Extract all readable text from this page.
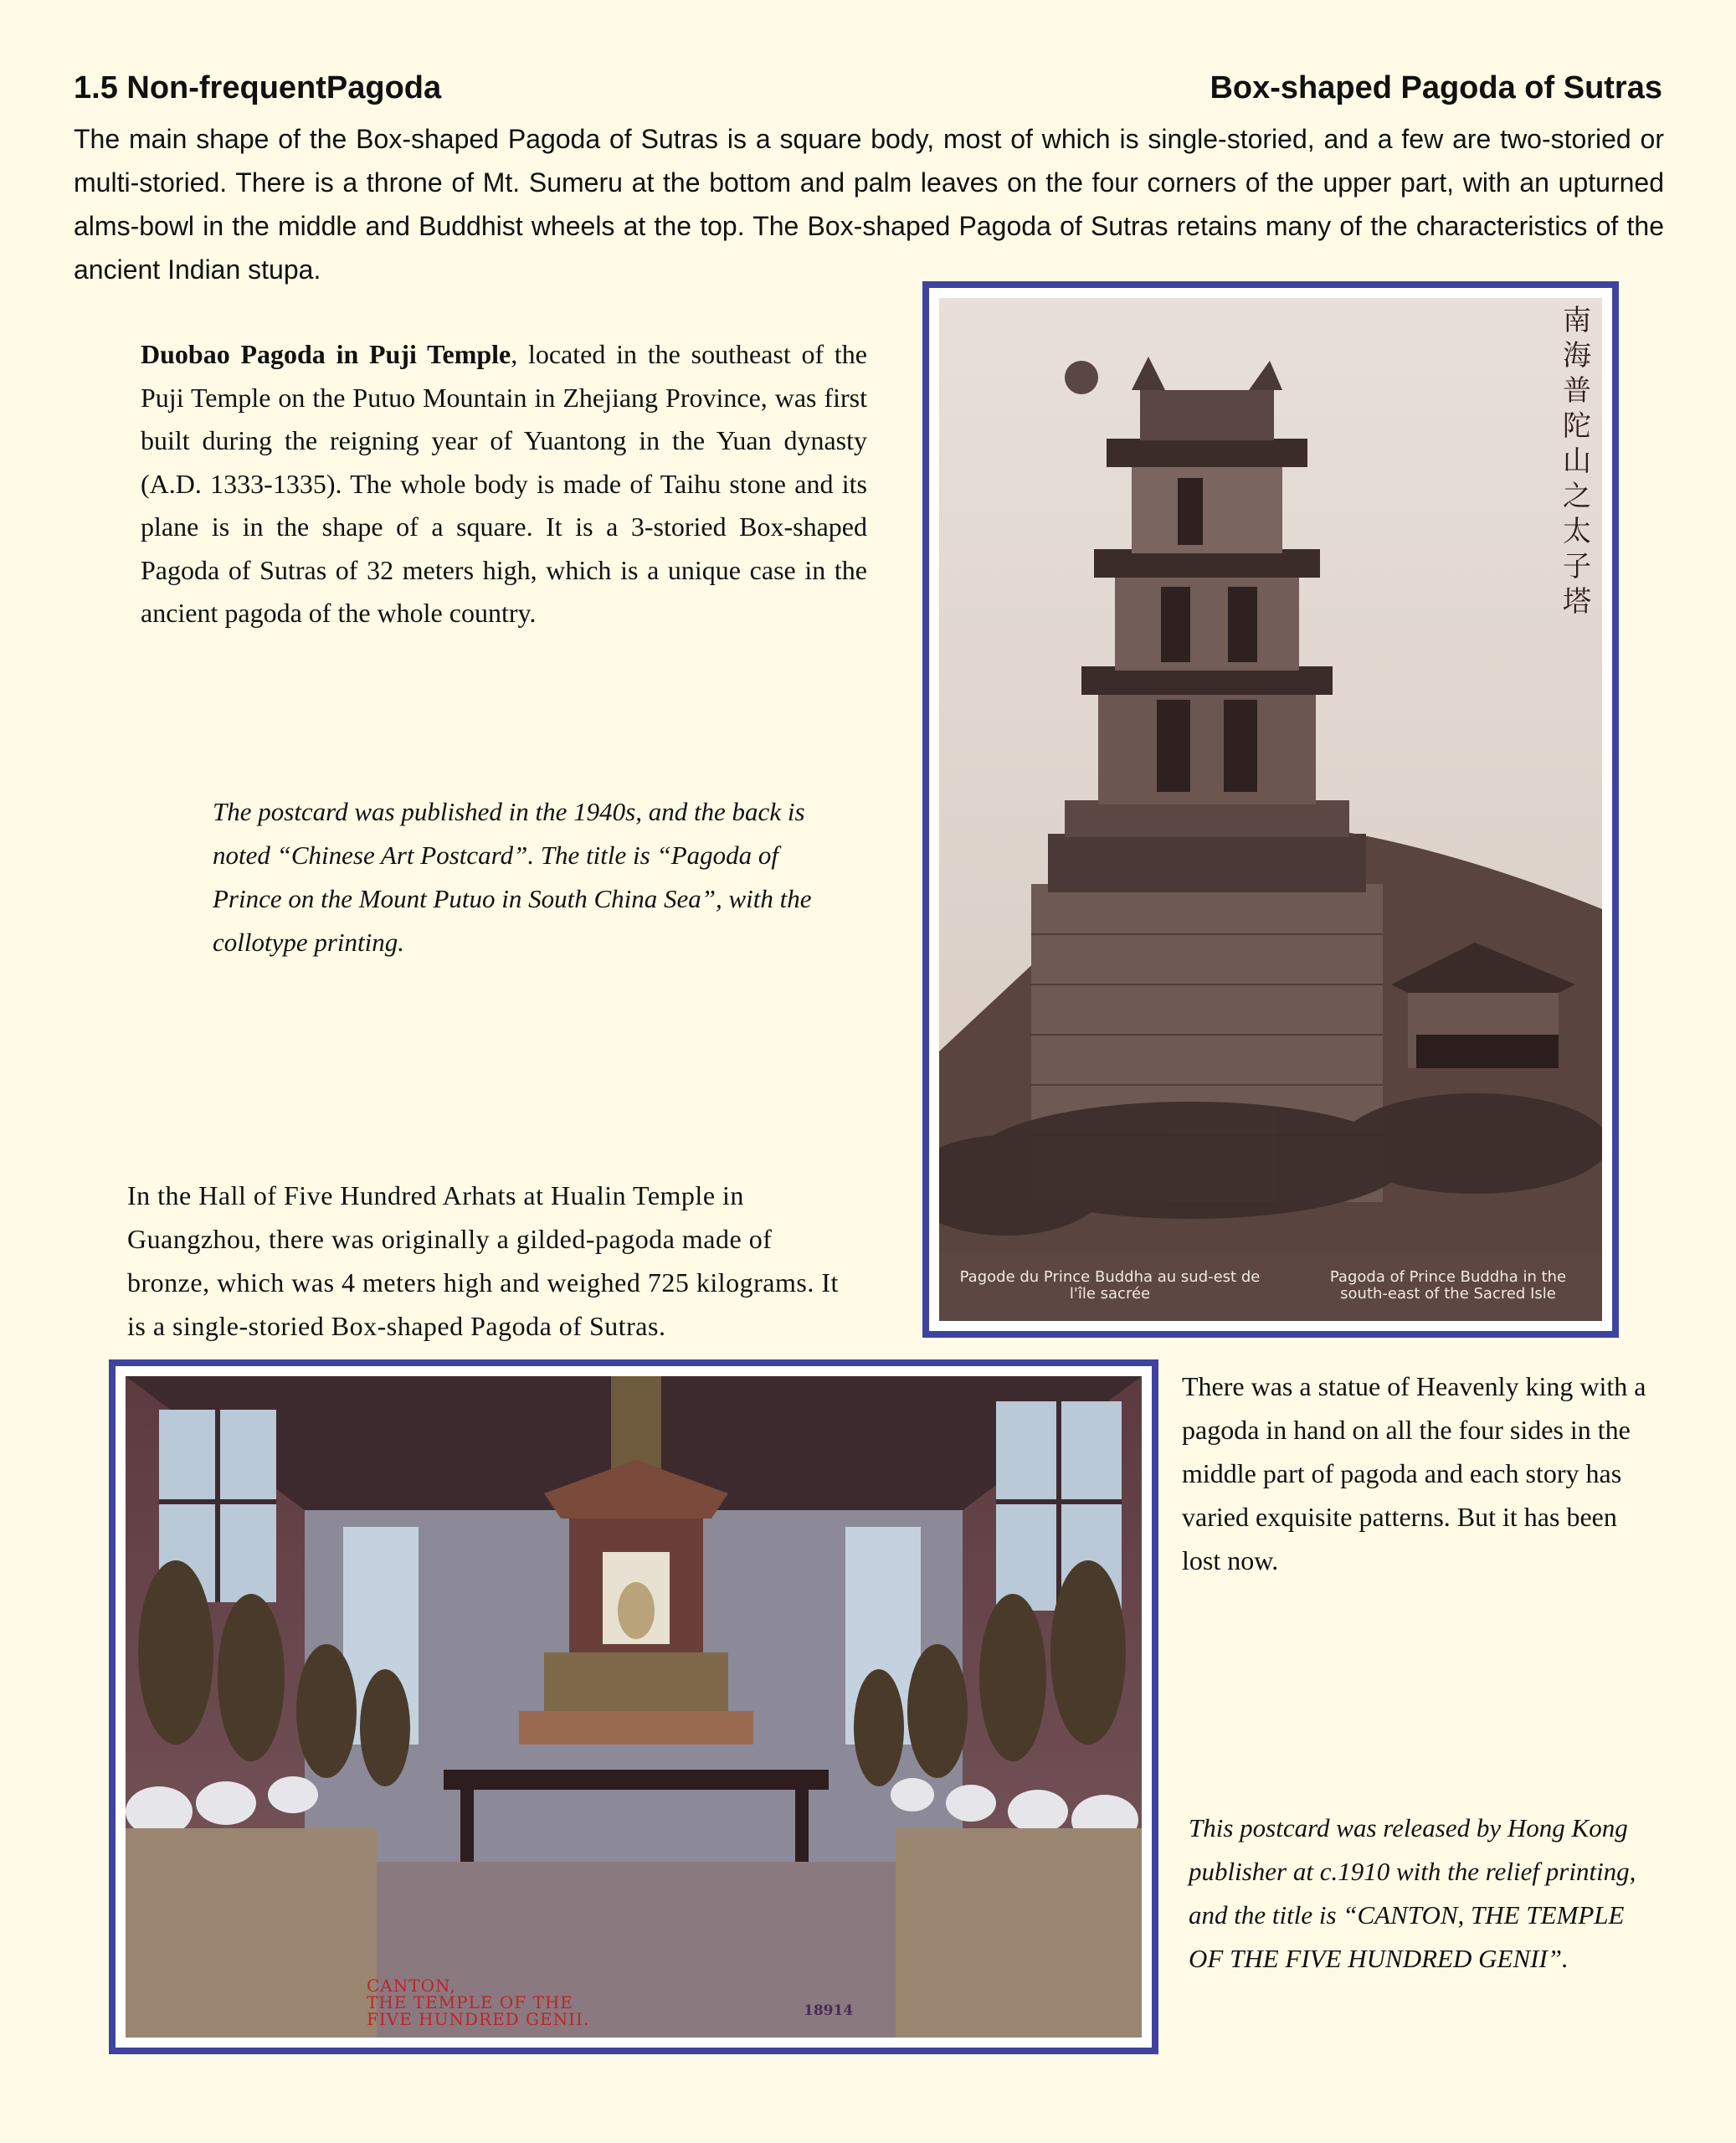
1.5 Non-frequentPagoda	Box-shaped Pagoda of Sutras
The main shape of the Box-shaped Pagoda of Sutras is a square body, most of which is single-storied, and a few are two-storied or multi-storied. There is a throne of Mt. Sumeru at the bottom and palm leaves on the four corners of the upper part, with an upturned alms-bowl in the middle and Buddhist wheels at the top. The Box-shaped Pagoda of Sutras retains many of the characteristics of the ancient Indian stupa.
Duobao Pagoda in Puji Temple, located in the southeast of the Puji Temple on the Putuo Mountain in Zhejiang Province, was first built during the reigning year of Yuantong in the Yuan dynasty (A.D. 1333-1335). The whole body is made of Taihu stone and its plane is in the shape of a square. It is a 3-storied Box-shaped Pagoda of Sutras of 32 meters high, which is a unique case in the ancient pagoda of the whole country.
The postcard was published in the 1940s, and the back is noted “Chinese Art Postcard”. The title is “Pagoda of Prince on the Mount Putuo in South China Sea”, with the collotype printing.
In the Hall of Five Hundred Arhats at Hualin Temple in Guangzhou, there was originally a gilded-pagoda made of bronze, which was 4 meters high and weighed 725 kilograms. It is a single-storied Box-shaped Pagoda of Sutras.
There was a statue of Heavenly king with a pagoda in hand on all the four sides in the middle part of pagoda and each story has varied exquisite patterns. But it has been lost now.
This postcard was released by Hong Kong publisher at c.1910 with the relief printing, and the title is “CANTON, THE TEMPLE OF THE FIVE HUNDRED GENII”.
南海普陀山之太子塔
Pagode du Prince Buddha au sud-est de l'île sacrée
Pagoda of Prince Buddha in the south-east of the Sacred Isle
CANTON,
THE TEMPLE OF THE
FIVE HUNDRED GENII.	18914
